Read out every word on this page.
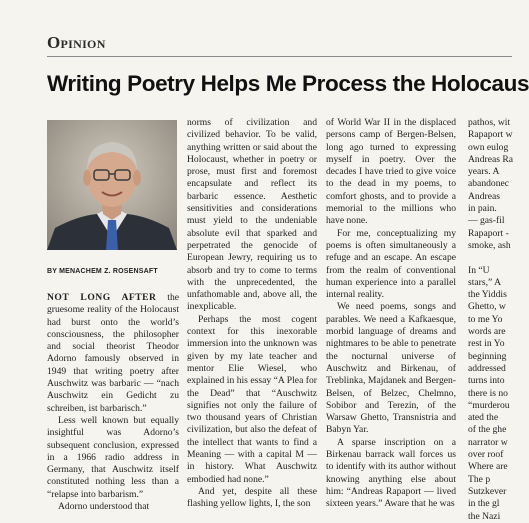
Opinion
Writing Poetry Helps Me Process the Holocaus
BY MENACHEM Z. ROSENSAFT

NOT LONG AFTER the gruesome reality of the Holocaust had burst onto the world’s consciousness, the philosopher and social theorist Theodor Adorno famously observed in 1949 that writing poetry after Auschwitz was barbaric — “nach Auschwitz ein Gedicht zu schreiben, ist barbarisch.”

Less well known but equally insightful was Adorno’s subsequent conclusion, expressed in a 1966 radio address in Germany, that Auschwitz itself constituted nothing less than a “relapse into barbarism.”

Adorno understood that

norms of civilization and civilized behavior. To be valid, anything written or said about the Holocaust, whether in poetry or prose, must first and foremost encapsulate and reflect its barbaric essence. Aesthetic sensitivities and considerations must yield to the undeniable absolute evil that sparked and perpetrated the genocide of European Jewry, requiring us to absorb and try to come to terms with the unprecedented, the unfathomable and, above all, the inexplicable.

Perhaps the most cogent context for this inexorable immersion into the unknown was given by my late teacher and mentor Elie Wiesel, who explained in his essay “A Plea for the Dead” that “Auschwitz signifies not only the failure of two thousand years of Christian civilization, but also the defeat of the intellect that wants to find a Meaning — with a capital M — in history. What Auschwitz embodied had none.”

And yet, despite all these flashing yellow lights, I, the son

of World War II in the displaced persons camp of Bergen-Belsen, long ago turned to expressing myself in poetry. Over the decades I have tried to give voice to the dead in my poems, to comfort ghosts, and to provide a memorial to the millions who have none.

For me, conceptualizing my poems is often simultaneously a refuge and an escape. An escape from the realm of conventional human experience into a parallel internal reality.

We need poems, songs and parables. We need a Kafkaesque, morbid language of dreams and nightmares to be able to penetrate the nocturnal universe of Auschwitz and Birkenau, of Treblinka, Majdanek and Bergen-Belsen, of Belzec, Chelmno, Sobibor and Terezin, of the Warsaw Ghetto, Transnistria and Babyn Yar.

A sparse inscription on a Birkenau barrack wall forces us to identify with its author without knowing anything else about him: “Andreas Rapaport — lived sixteen years.” Aware that he was

pathos, wit
Rapaport w
own eulog
Andreas Ra
years. A
abandonec
Andreas
in pain.
— gas-fil
Rapaport -
smoke, ash

In “U
stars,” A
the Yiddis
Ghetto, w
to me Yo
words are
rest in Yo
beginning
addressed
turns into
there is no
“murderou
ated the
of the ghe
narrator w
over roof
Where are
The p
Sutzkever
in the gl
the Nazi
